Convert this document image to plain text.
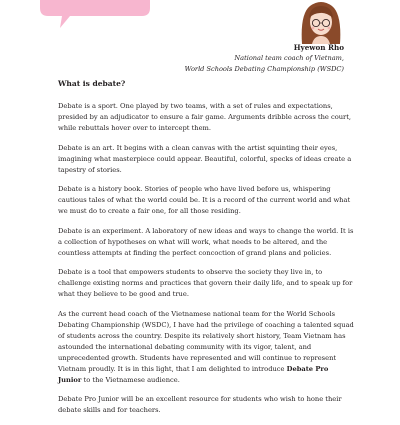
Hyewon Rho
National team coach of Vietnam,
World Schools Debating Championship (WSDC)
What is debate?

Debate is a sport. One played by two teams, with a set of rules and expectations, presided by an adjudicator to ensure a fair game. Arguments dribble across the court, while rebuttals hover over to intercept them.

Debate is an art. It begins with a clean canvas with the artist squinting their eyes, imagining what masterpiece could appear. Beautiful, colorful, specks of ideas create a tapestry of stories.

Debate is a history book. Stories of people who have lived before us, whispering cautious tales of what the world could be. It is a record of the current world and what we must do to create a fair one, for all those residing.

Debate is an experiment. A laboratory of new ideas and ways to change the world. It is a collection of hypotheses on what will work, what needs to be altered, and the countless attempts at finding the perfect concoction of grand plans and policies.

Debate is a tool that empowers students to observe the society they live in, to challenge existing norms and practices that govern their daily life, and to speak up for what they believe to be good and true.

As the current head coach of the Vietnamese national team for the World Schools Debating Championship (WSDC), I have had the privilege of coaching a talented squad of students across the country. Despite its relatively short history, Team Vietnam has astounded the international debating community with its vigor, talent, and unprecedented growth. Students have represented and will continue to represent Vietnam proudly. It is in this light, that I am delighted to introduce Debate Pro Junior to the Vietnamese audience.

Debate Pro Junior will be an excellent resource for students who wish to hone their debate skills and for teachers.
